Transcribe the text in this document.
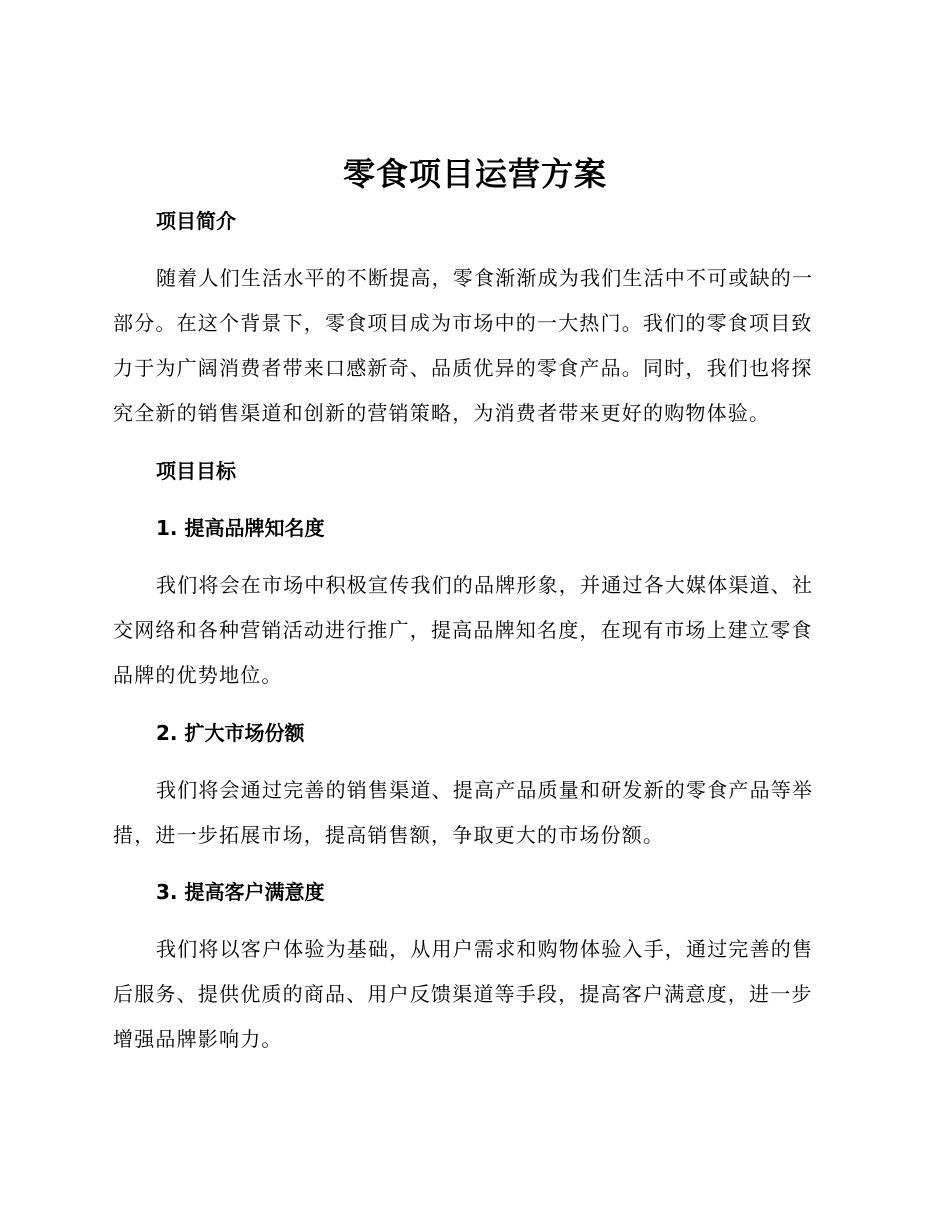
零食项目运营方案
项目简介
随着人们生活水平的不断提高，零食渐渐成为我们生活中不可或缺的一部分。在这个背景下，零食项目成为市场中的一大热门。我们的零食项目致力于为广阔消费者带来口感新奇、品质优异的零食产品。同时，我们也将探究全新的销售渠道和创新的营销策略，为消费者带来更好的购物体验。
项目目标
1. 提高品牌知名度
我们将会在市场中积极宣传我们的品牌形象，并通过各大媒体渠道、社交网络和各种营销活动进行推广，提高品牌知名度，在现有市场上建立零食品牌的优势地位。
2. 扩大市场份额
我们将会通过完善的销售渠道、提高产品质量和研发新的零食产品等举措，进一步拓展市场，提高销售额，争取更大的市场份额。
3. 提高客户满意度
我们将以客户体验为基础，从用户需求和购物体验入手，通过完善的售后服务、提供优质的商品、用户反馈渠道等手段，提高客户满意度，进一步增强品牌影响力。
